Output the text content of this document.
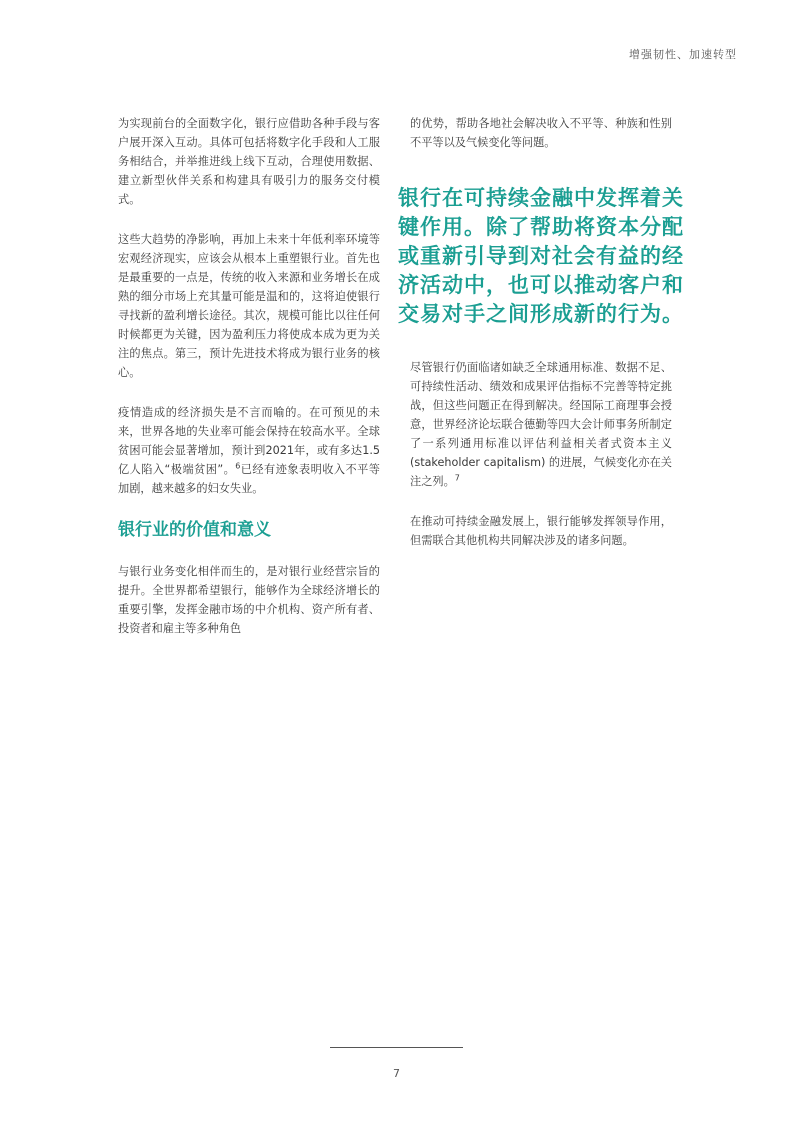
增强韧性、加速转型

为实现前台的全面数字化，银行应借助各种手段与客户展开深入互动。具体可包括将数字化手段和人工服务相结合，并举推进线上线下互动，合理使用数据、建立新型伙伴关系和构建具有吸引力的服务交付模式。

这些大趋势的净影响，再加上未来十年低利率环境等宏观经济现实，应该会从根本上重塑银行业。首先也是最重要的一点是，传统的收入来源和业务增长在成熟的细分市场上充其量可能是温和的，这将迫使银行寻找新的盈利增长途径。其次，规模可能比以往任何时候都更为关键，因为盈利压力将使成本成为更为关注的焦点。第三，预计先进技术将成为银行业务的核心。

疫情造成的经济损失是不言而喻的。在可预见的未来，世界各地的失业率可能会保持在较高水平。全球贫困可能会显著增加，预计到2021年，或有多达1.5亿人陷入“极端贫困”。$^6$已经有迹象表明收入不平等加剧，越来越多的妇女失业。

银行业的价值和意义

与银行业务变化相伴而生的，是对银行业经营宗旨的提升。全世界都希望银行，能够作为全球经济增长的重要引擎，发挥金融市场的中介机构、资产所有者、投资者和雇主等多种角色

的优势，帮助各地社会解决收入不平等、种族和性别不平等以及气候变化等问题。

银行在可持续金融中发挥着关键作用。除了帮助将资本分配或重新引导到对社会有益的经济活动中，也可以推动客户和交易对手之间形成新的行为。

尽管银行仍面临诸如缺乏全球通用标准、数据不足、可持续性活动、绩效和成果评估指标不完善等特定挑战，但这些问题正在得到解决。经国际工商理事会授意，世界经济论坛联合德勤等四大会计师事务所制定了一系列通用标准以评估利益相关者式资本主义 (stakeholder capitalism) 的进展，气候变化亦在关注之列。$^7$

在推动可持续金融发展上，银行能够发挥领导作用，但需联合其他机构共同解决涉及的诸多问题。

7
